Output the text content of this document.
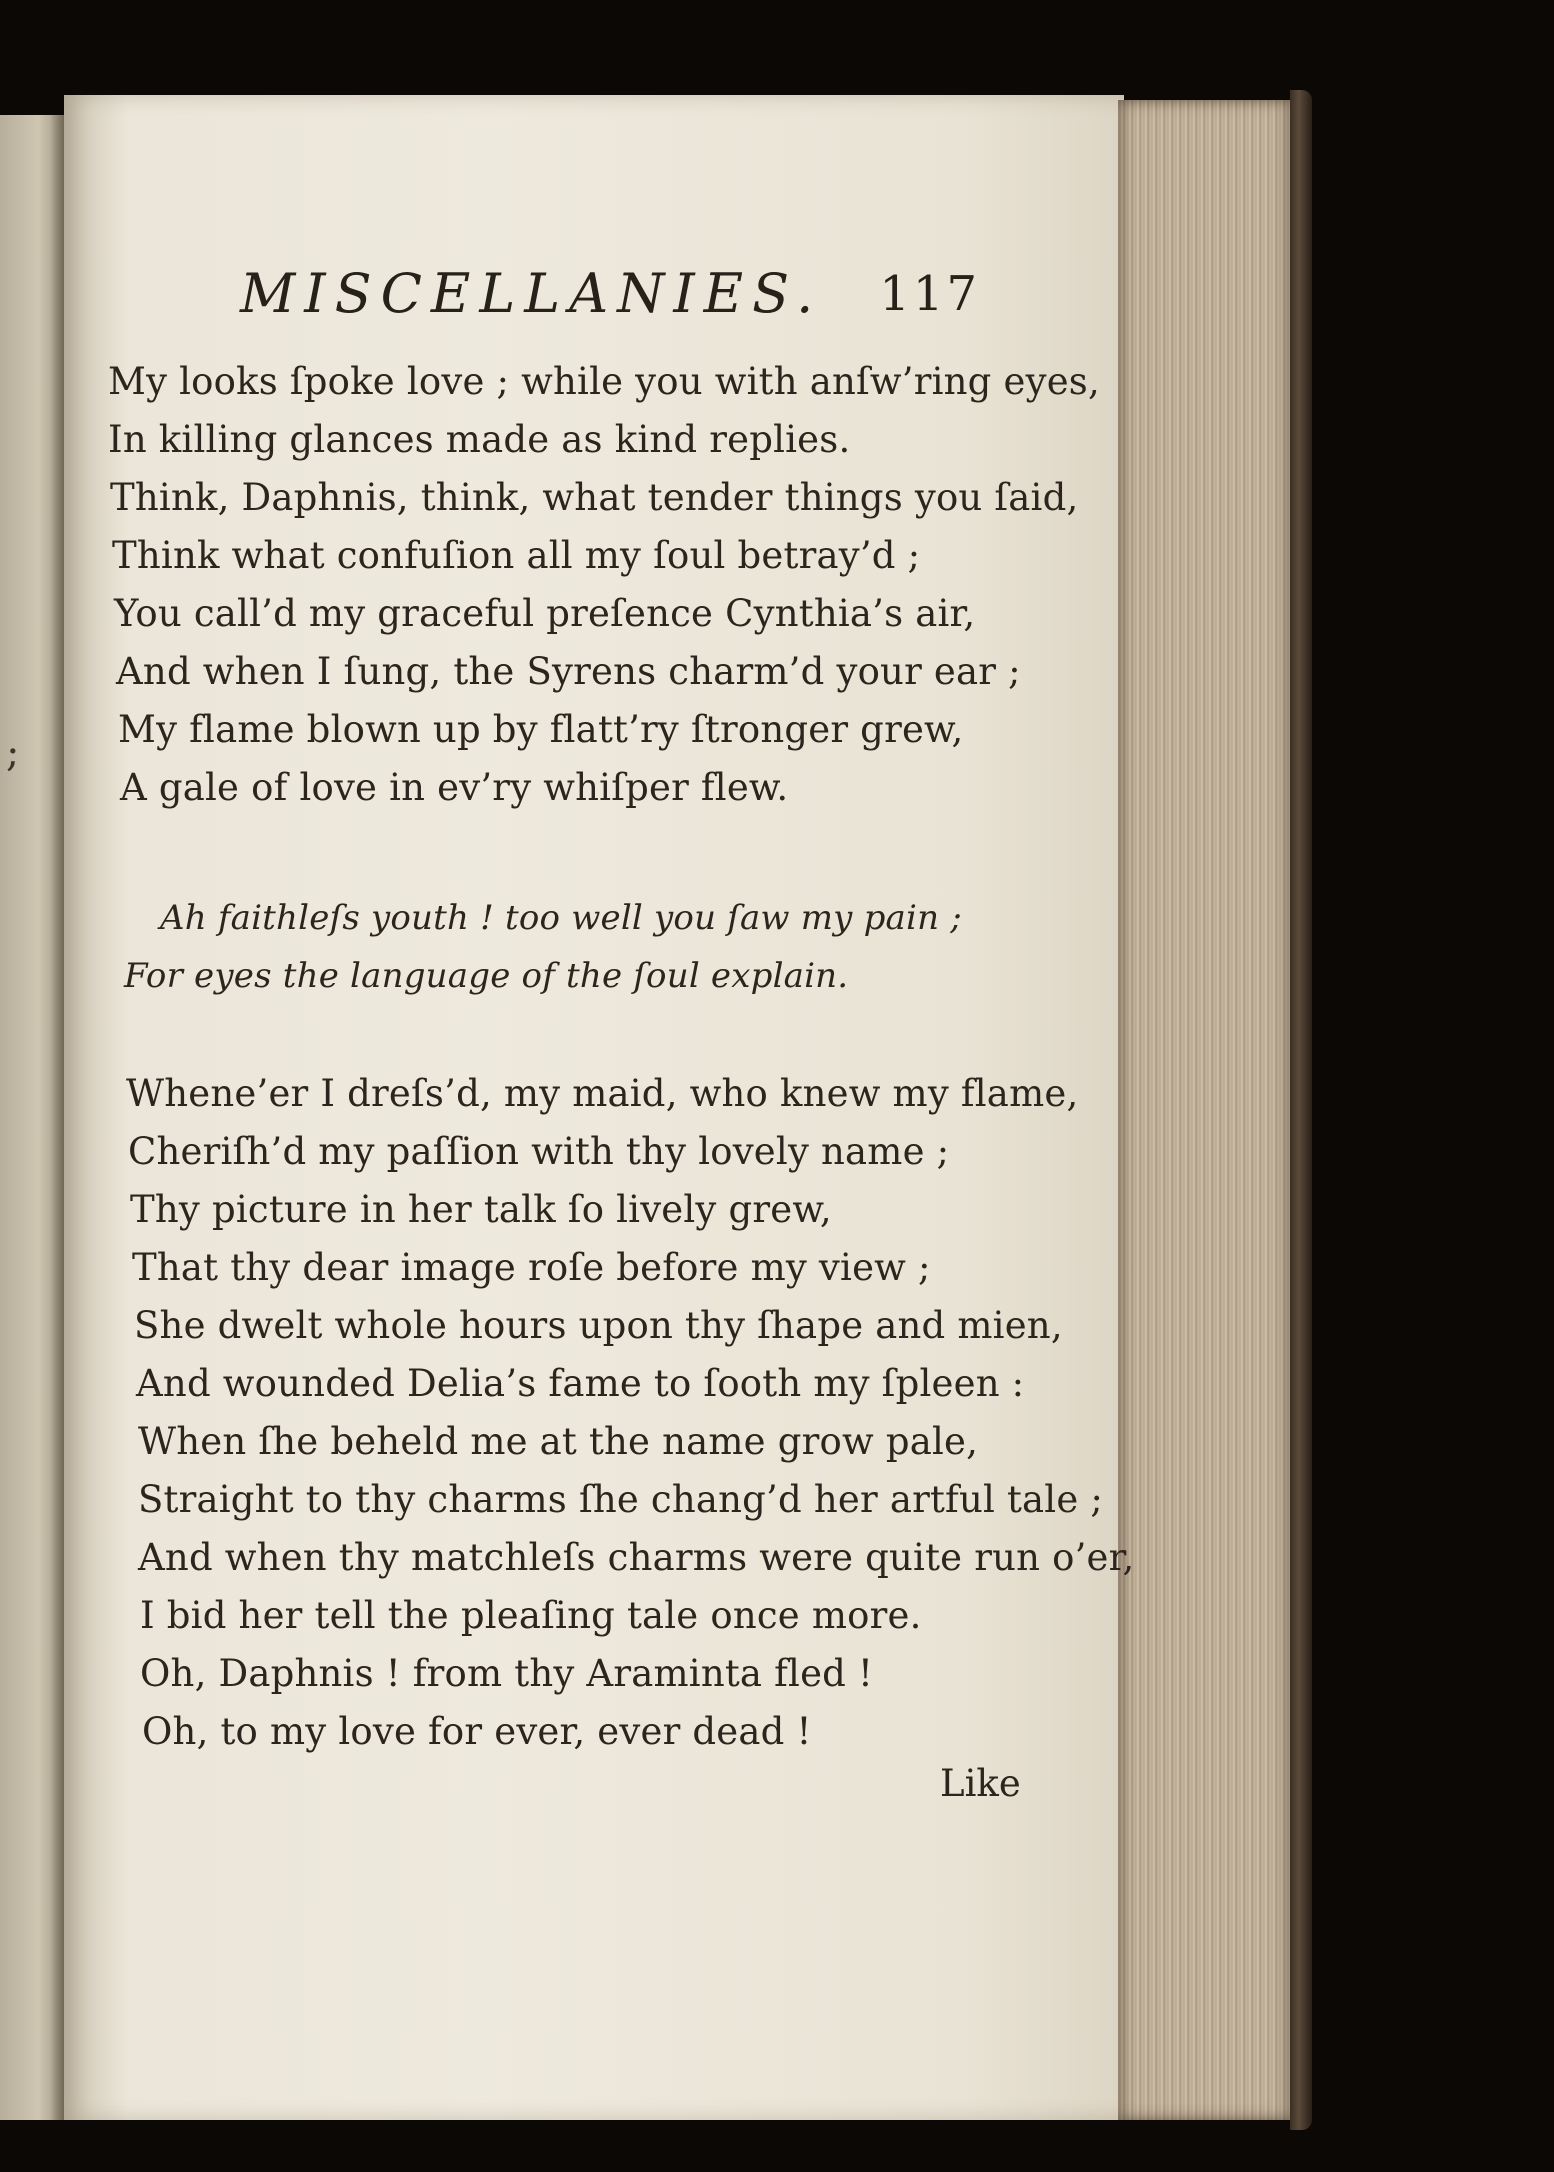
;
MISCELLANIES. 117
My looks ſpoke love ; while you with anſw’ring eyes,
In killing glances made as kind replies.
Think, Daphnis, think, what tender things you ſaid,
Think what confuſion all my ſoul betray’d ;
You call’d my graceful preſence Cynthia’s air,
And when I ſung, the Syrens charm’d your ear ;
My flame blown up by flatt’ry ſtronger grew,
A gale of love in ev’ry whiſper flew.
Ah faithleſs youth ! too well you ſaw my pain ;
For eyes the language of the ſoul explain.
Whene’er I dreſs’d, my maid, who knew my flame,
Cheriſh’d my paſſion with thy lovely name ;
Thy picture in her talk ſo lively grew,
That thy dear image roſe before my view ;
She dwelt whole hours upon thy ſhape and mien,
And wounded Delia’s fame to ſooth my ſpleen :
When ſhe beheld me at the name grow pale,
Straight to thy charms ſhe chang’d her artful tale ;
And when thy matchleſs charms were quite run o’er,
I bid her tell the pleaſing tale once more.
Oh, Daphnis ! from thy Araminta fled !
Oh, to my love for ever, ever dead !
Like
